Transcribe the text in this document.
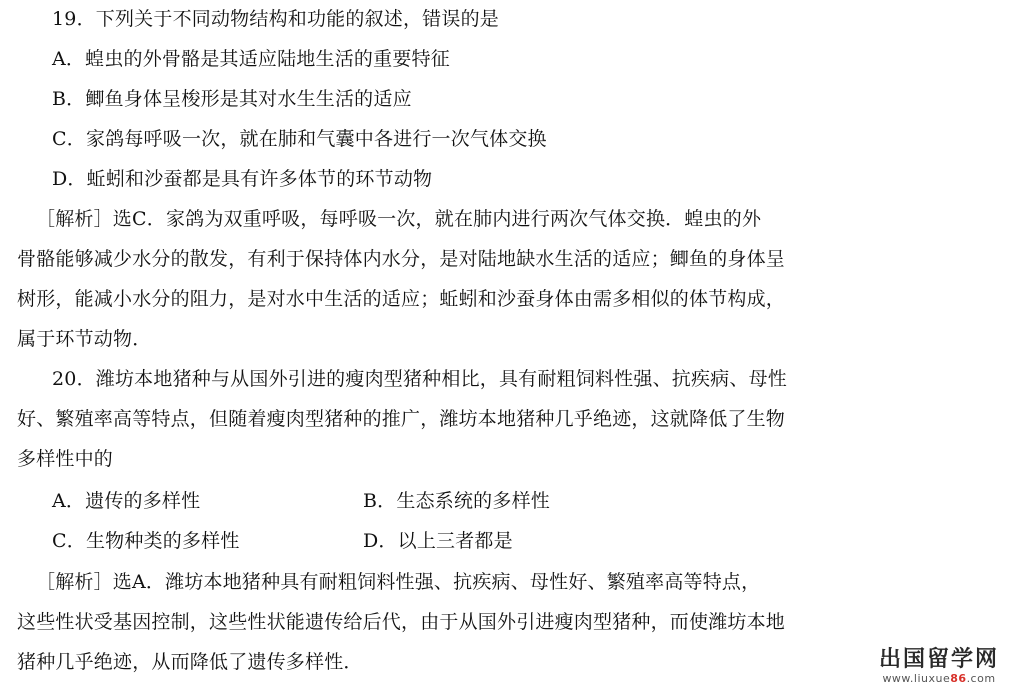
19．下列关于不同动物结构和功能的叙述，错误的是
A．蝗虫的外骨骼是其适应陆地生活的重要特征
B．鲫鱼身体呈梭形是其对水生生活的适应
C．家鸽每呼吸一次，就在肺和气囊中各进行一次气体交换
D．蚯蚓和沙蚕都是具有许多体节的环节动物
［解析］选C．家鸽为双重呼吸，每呼吸一次，就在肺内进行两次气体交换．蝗虫的外
骨骼能够减少水分的散发，有利于保持体内水分，是对陆地缺水生活的适应；鲫鱼的身体呈
树形，能减小水分的阻力，是对水中生活的适应；蚯蚓和沙蚕身体由需多相似的体节构成，
属于环节动物．
20．潍坊本地猪种与从国外引进的瘦肉型猪种相比，具有耐粗饲料性强、抗疾病、母性
好、繁殖率高等特点，但随着瘦肉型猪种的推广，潍坊本地猪种几乎绝迹，这就降低了生物
多样性中的
A．遗传的多样性	B．生态系统的多样性
C．生物种类的多样性	D．以上三者都是
［解析］选A．潍坊本地猪种具有耐粗饲料性强、抗疾病、母性好、繁殖率高等特点，
这些性状受基因控制，这些性状能遗传给后代，由于从国外引进瘦肉型猪种，而使潍坊本地
猪种几乎绝迹，从而降低了遗传多样性．	出国留学网
www.liuxue86.com
